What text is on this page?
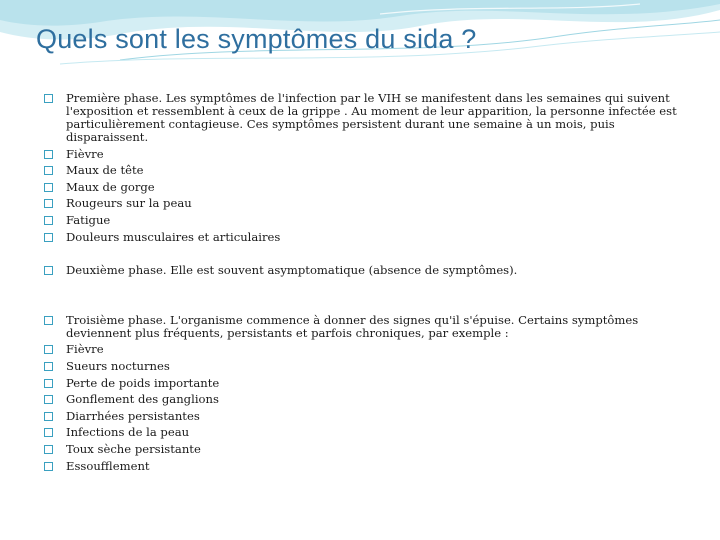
Quels sont les symptômes du sida ?
Première phase. Les symptômes de l'infection par le VIH se manifestent dans les semaines qui suivent l'exposition et ressemblent à ceux de la grippe . Au moment de leur apparition, la personne infectée est particulièrement contagieuse. Ces symptômes persistent durant une semaine à un mois, puis disparaissent.
Fièvre
Maux de tête
Maux de gorge
Rougeurs sur la peau
Fatigue
Douleurs musculaires et articulaires
Deuxième phase. Elle est souvent asymptomatique (absence de symptômes).
Troisième phase. L'organisme commence à donner des signes qu'il s'épuise. Certains symptômes deviennent plus fréquents, persistants et parfois chroniques, par exemple :
Fièvre
Sueurs nocturnes
Perte de poids importante
Gonflement des ganglions
Diarrhées persistantes
Infections de la peau
Toux sèche persistante
Essoufflement
